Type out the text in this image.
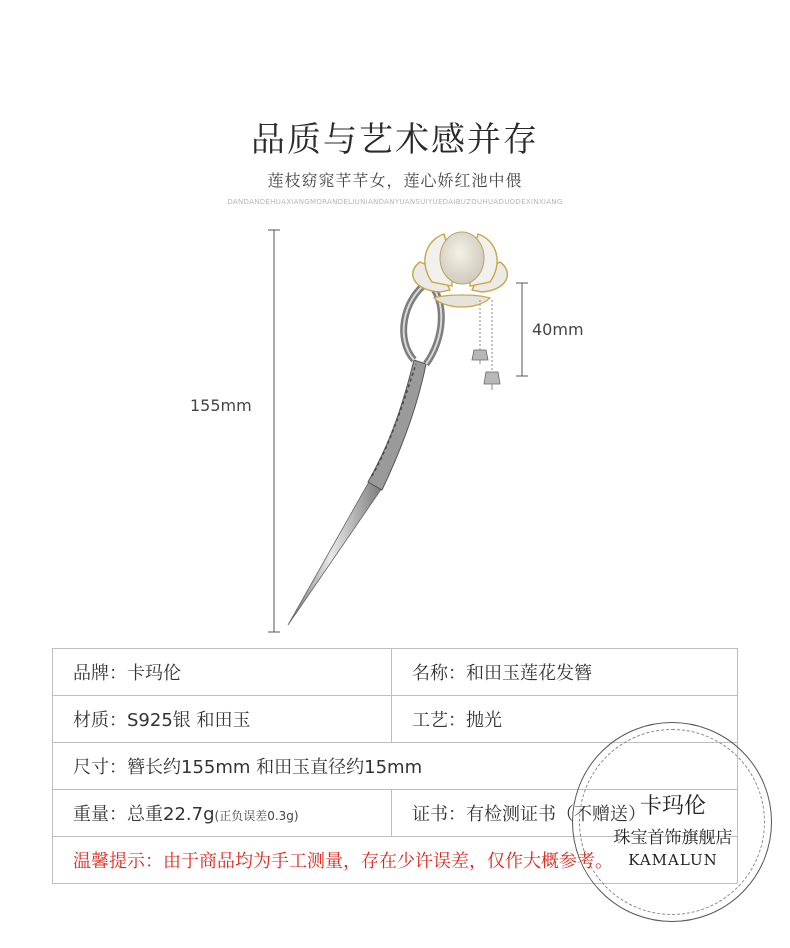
品质与艺术感并存
莲枝窈窕芊芊女，莲心娇红池中偎
DANDANDEHUAXIANGMORANDELIUNIANDANYUANSUIYUEDAIBUZOUHUADUODEXINXIANG
155mm
40mm
品牌：卡玛伦	名称：和田玉莲花发簪
材质：S925银 和田玉	工艺：抛光
尺寸：簪长约155mm 和田玉直径约15mm	
重量：总重22.7g(正负误差0.3g)	证书：有检测证书（不赠送）
温馨提示：由于商品均为手工测量，存在少许误差，仅作大概参考。	
卡玛伦
珠宝首饰旗舰店
KAMALUN
